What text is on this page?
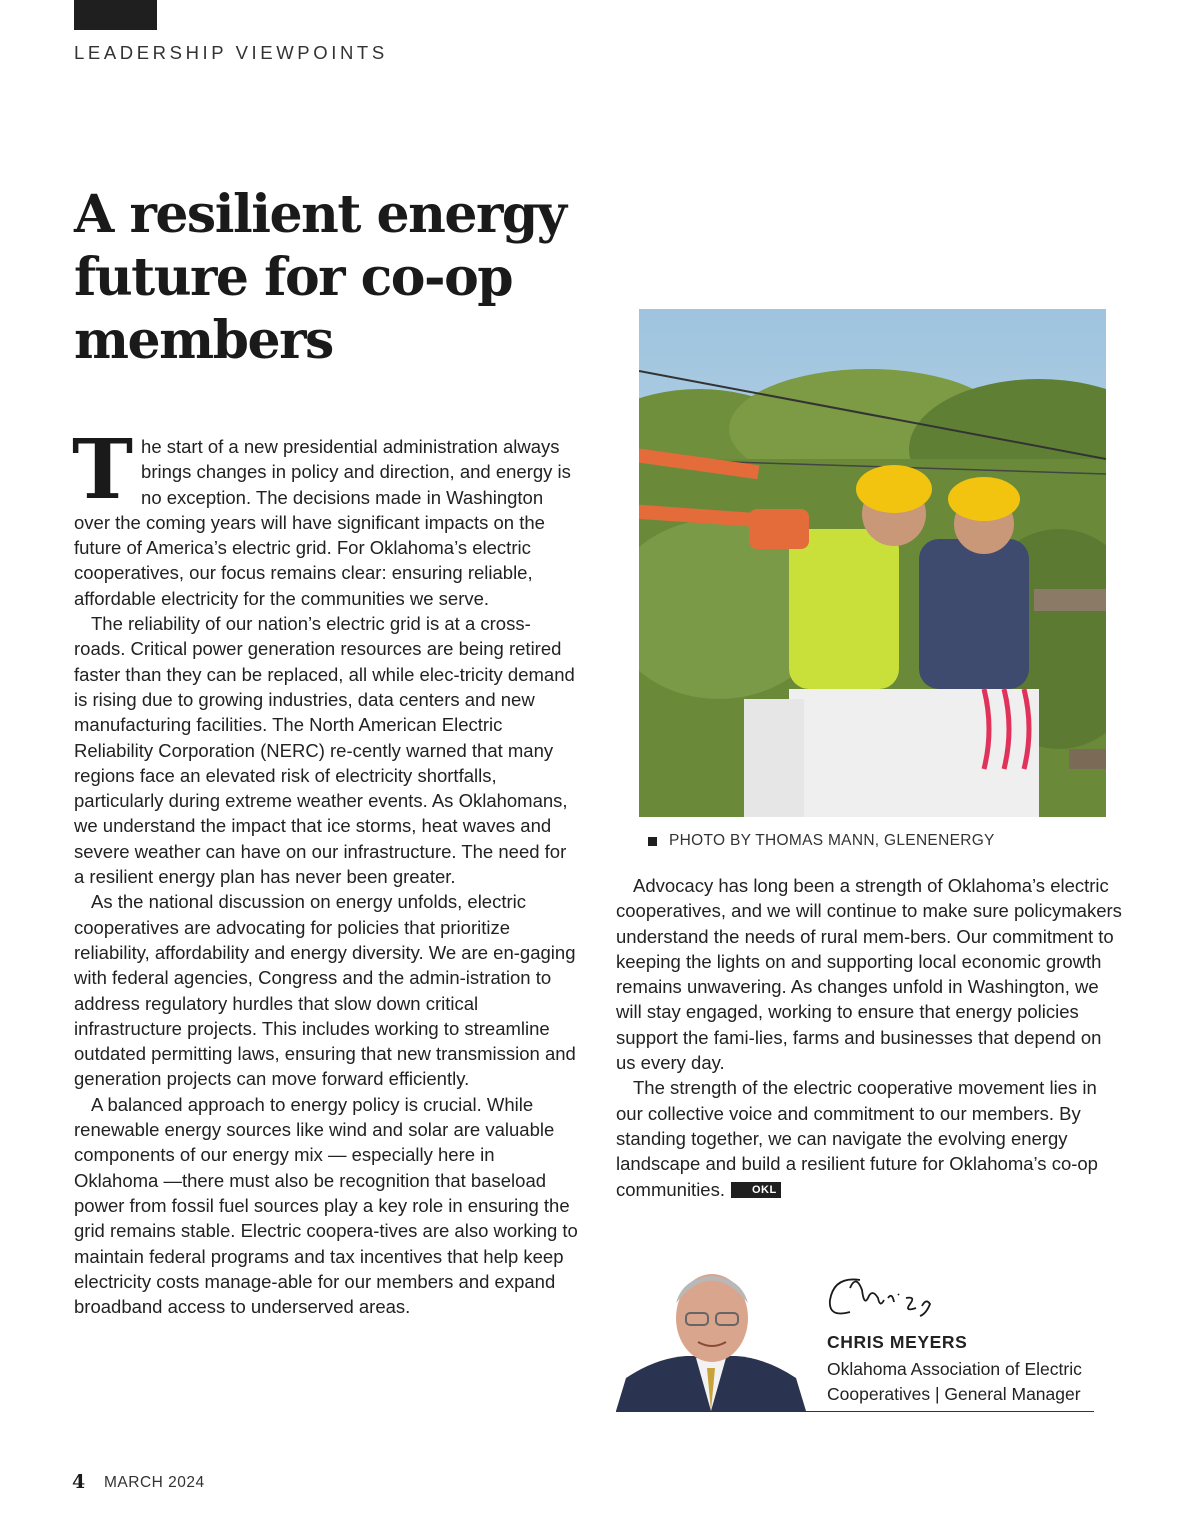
LEADERSHIP VIEWPOINTS
A resilient energy future for co-op members

The start of a new presidential administration always brings changes in policy and direction, and energy is no exception. The decisions made in Washington over the coming years will have significant impacts on the future of America’s electric grid. For Oklahoma’s electric cooperatives, our focus remains clear: ensuring reliable, affordable electricity for the communities we serve.

The reliability of our nation’s electric grid is at a cross-roads. Critical power generation resources are being retired faster than they can be replaced, all while elec-tricity demand is rising due to growing industries, data centers and new manufacturing facilities. The North American Electric Reliability Corporation (NERC) re-cently warned that many regions face an elevated risk of electricity shortfalls, particularly during extreme weather events. As Oklahomans, we understand the impact that ice storms, heat waves and severe weather can have on our infrastructure. The need for a resilient energy plan has never been greater.

As the national discussion on energy unfolds, electric cooperatives are advocating for policies that prioritize reliability, affordability and energy diversity. We are en-gaging with federal agencies, Congress and the admin-istration to address regulatory hurdles that slow down critical infrastructure projects. This includes working to streamline outdated permitting laws, ensuring that new transmission and generation projects can move forward efficiently.

A balanced approach to energy policy is crucial. While renewable energy sources like wind and solar are valuable components of our energy mix — especially here in Oklahoma —there must also be recognition that baseload power from fossil fuel sources play a key role in ensuring the grid remains stable. Electric coopera-tives are also working to maintain federal programs and tax incentives that help keep electricity costs manage-able for our members and expand broadband access to underserved areas.

PHOTO BY THOMAS MANN, GLENENERGY

Advocacy has long been a strength of Oklahoma’s electric cooperatives, and we will continue to make sure policymakers understand the needs of rural mem-bers. Our commitment to keeping the lights on and supporting local economic growth remains unwavering. As changes unfold in Washington, we will stay engaged, working to ensure that energy policies support the fami-lies, farms and businesses that depend on us every day.

The strength of the electric cooperative movement lies in our collective voice and commitment to our members. By standing together, we can navigate the evolving energy landscape and build a resilient future for Oklahoma’s co-op communities. OKL

CHRIS MEYERS
Oklahoma Association of Electric
Cooperatives | General Manager
4 MARCH 2024
